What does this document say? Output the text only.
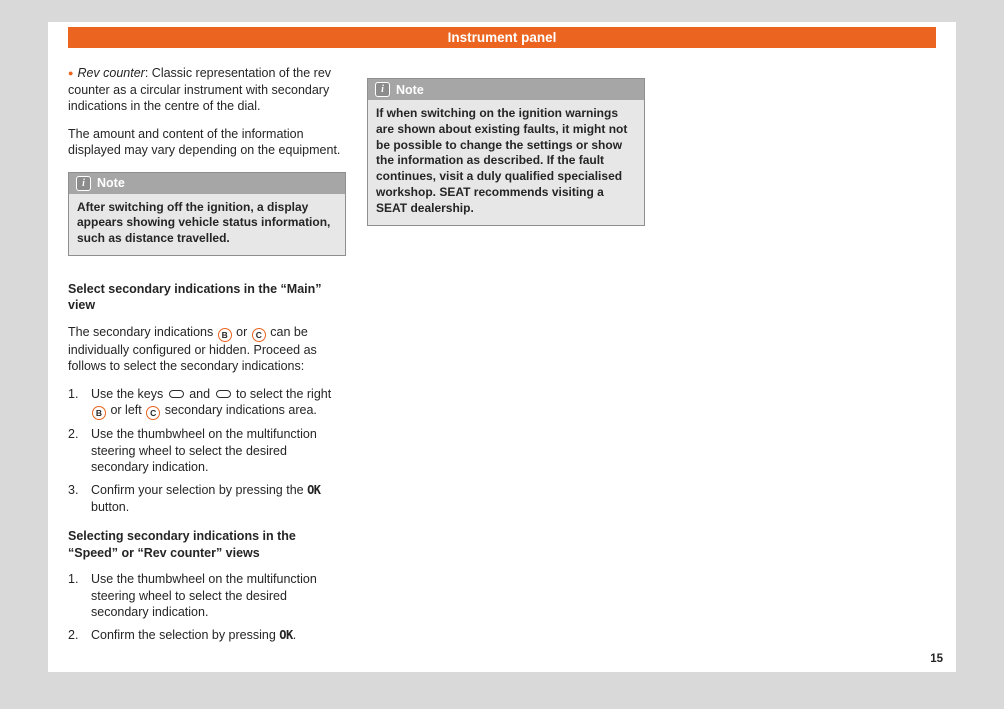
Instrument panel

● Rev counter: Classic representation of the rev counter as a circular instrument with secondary indications in the centre of the dial.

The amount and content of the information displayed may vary depending on the equipment.

i Note
After switching off the ignition, a display appears showing vehicle status information, such as distance travelled.
Select secondary indications in the “Main” view

The secondary indications B or C can be individually configured or hidden. Proceed as follows to select the secondary indications:

1.	Use the keys  and  to select the right B or left C secondary indications area.
2.	Use the thumbwheel on the multifunction steering wheel to select the desired secondary indication.
3.	Confirm your selection by pressing the OK button.
Selecting secondary indications in the “Speed” or “Rev counter” views
1.	Use the thumbwheel on the multifunction steering wheel to select the desired secondary indication.
2.	Confirm the selection by pressing OK.
i Note
If when switching on the ignition warnings are shown about existing faults, it might not be possible to change the settings or show the information as described. If the fault continues, visit a duly qualified specialised workshop. SEAT recommends visiting a SEAT dealership.
15
